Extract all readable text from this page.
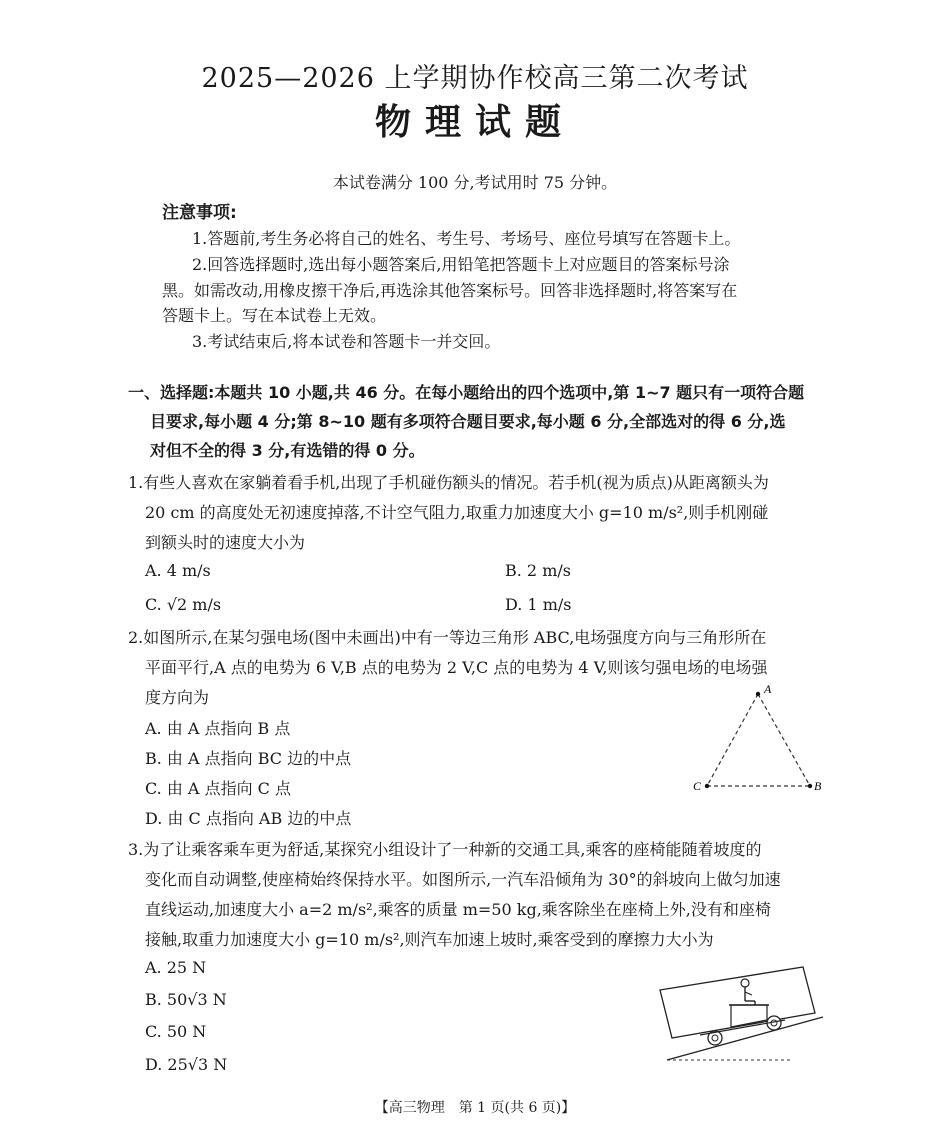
2025—2026 上学期协作校高三第二次考试
物理试题
本试卷满分 100 分,考试用时 75 分钟。
注意事项:
1.答题前,考生务必将自己的姓名、考生号、考场号、座位号填写在答题卡上。
2.回答选择题时,选出每小题答案后,用铅笔把答题卡上对应题目的答案标号涂
黑。如需改动,用橡皮擦干净后,再选涂其他答案标号。回答非选择题时,将答案写在
答题卡上。写在本试卷上无效。
3.考试结束后,将本试卷和答题卡一并交回。
一、选择题:本题共 10 小题,共 46 分。在每小题给出的四个选项中,第 1~7 题只有一项符合题
目要求,每小题 4 分;第 8~10 题有多项符合题目要求,每小题 6 分,全部选对的得 6 分,选
对但不全的得 3 分,有选错的得 0 分。
1.有些人喜欢在家躺着看手机,出现了手机碰伤额头的情况。若手机(视为质点)从距离额头为
20 cm 的高度处无初速度掉落,不计空气阻力,取重力加速度大小 g=10 m/s²,则手机刚碰
到额头时的速度大小为
A. 4 m/s	B. 2 m/s
C. √2 m/s	D. 1 m/s
2.如图所示,在某匀强电场(图中未画出)中有一等边三角形 ABC,电场强度方向与三角形所在
平面平行,A 点的电势为 6 V,B 点的电势为 2 V,C 点的电势为 4 V,则该匀强电场的电场强
度方向为
A. 由 A 点指向 B 点
B. 由 A 点指向 BC 边的中点
C. 由 A 点指向 C 点
D. 由 C 点指向 AB 边的中点
A
C	B
3.为了让乘客乘车更为舒适,某探究小组设计了一种新的交通工具,乘客的座椅能随着坡度的
变化而自动调整,使座椅始终保持水平。如图所示,一汽车沿倾角为 30°的斜坡向上做匀加速
直线运动,加速度大小 a=2 m/s²,乘客的质量 m=50 kg,乘客除坐在座椅上外,没有和座椅
接触,取重力加速度大小 g=10 m/s²,则汽车加速上坡时,乘客受到的摩擦力大小为
A. 25 N
B. 50√3 N
C. 50 N
D. 25√3 N
【高三物理　第 1 页(共 6 页)】
